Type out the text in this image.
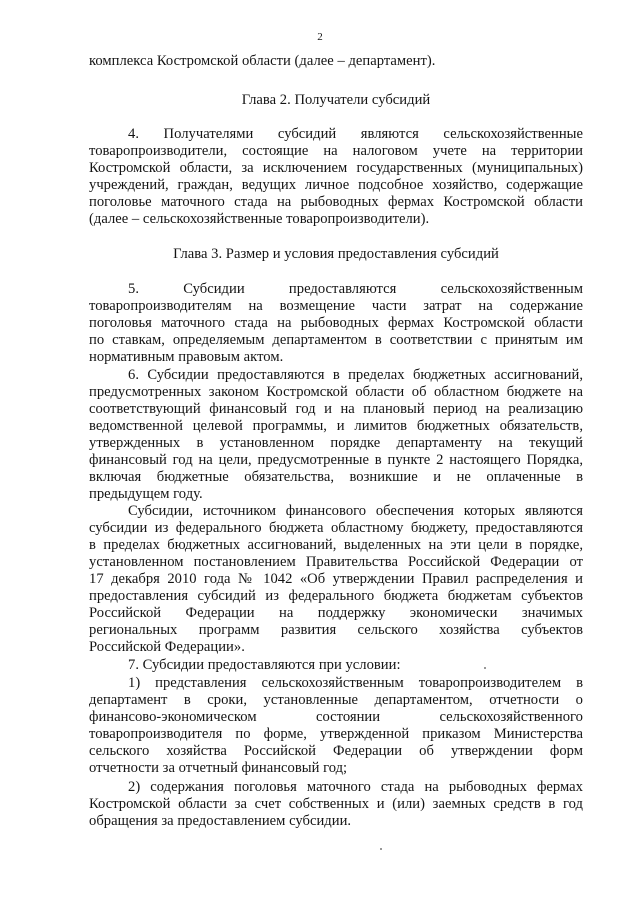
2
комплекса Костромской области (далее – департамент).
Глава 2. Получатели субсидий
4.     Получателями     субсидий     являются     сельскохозяйственные
товаропроизводители, состоящие на налоговом учете на территории
Костромской области, за исключением государственных (муниципальных)
учреждений, граждан, ведущих личное подсобное хозяйство, содержащие
поголовье маточного стада на рыбоводных фермах Костромской области
(далее – сельскохозяйственные товаропроизводители).
Глава 3. Размер и условия предоставления субсидий
5.          Субсидии          предоставляются          сельскохозяйственным
товаропроизводителям на возмещение части затрат на содержание
поголовья маточного стада на рыбоводных фермах Костромской области
по ставкам, определяемым департаментом в соответствии с принятым им
нормативным правовым актом.
6. Субсидии предоставляются в пределах бюджетных ассигнований,
предусмотренных законом Костромской области об областном бюджете на
соответствующий финансовый год и на плановый период на реализацию
ведомственной целевой программы, и лимитов бюджетных обязательств,
утвержденных в установленном порядке департаменту на текущий
финансовый год на цели, предусмотренные в пункте 2 настоящего Порядка,
включая бюджетные обязательства, возникшие и не оплаченные в
предыдущем году.
Субсидии, источником финансового обеспечения которых являются
субсидии из федерального бюджета областному бюджету, предоставляются
в пределах бюджетных ассигнований, выделенных на эти цели в порядке,
установленном постановлением Правительства Российской Федерации от
17 декабря 2010 года № 1042 «Об утверждении Правил распределения и
предоставления субсидий из федерального бюджета бюджетам субъектов
Российской Федерации на поддержку экономически значимых
региональных программ развития сельского хозяйства субъектов
Российской Федерации».
7. Субсидии предоставляются при условии:
1) представления сельскохозяйственным товаропроизводителем в
департамент в сроки, установленные департаментом, отчетности о
финансово-экономическом состоянии сельскохозяйственного
товаропроизводителя по форме, утвержденной приказом Министерства
сельского хозяйства Российской Федерации об утверждении форм
отчетности за отчетный финансовый год;
2) содержания поголовья маточного стада на рыбоводных фермах
Костромской области за счет собственных и (или) заемных средств в год
обращения за предоставлением субсидии.
